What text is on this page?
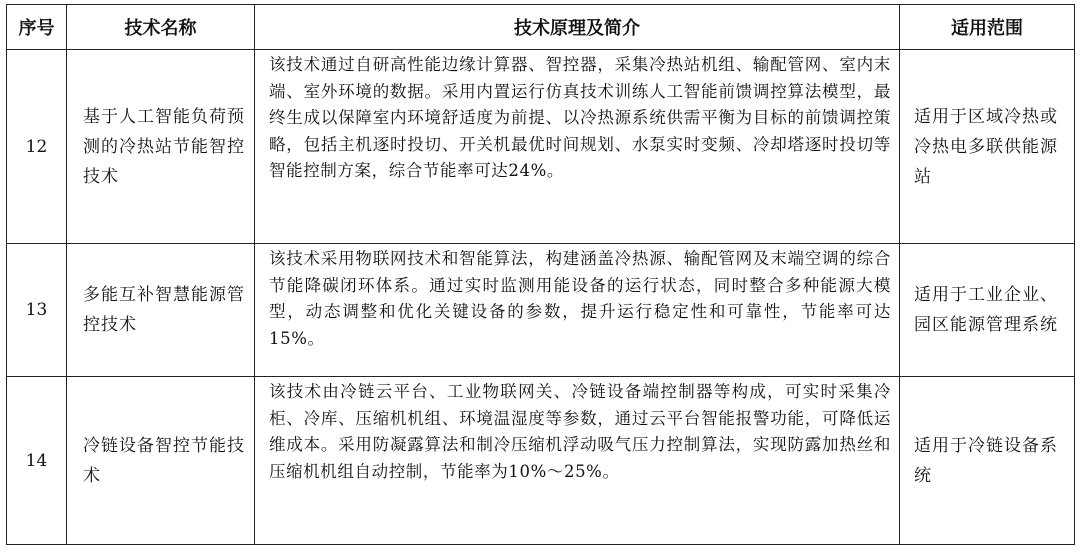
序号	技术名称	技术原理及简介	适用范围
12	基于人工智能负荷预测的冷热站节能智控技术	该技术通过自研高性能边缘计算器、智控器，采集冷热站机组、输配管网、室内末端、室外环境的数据。采用内置运行仿真技术训练人工智能前馈调控算法模型，最终生成以保障室内环境舒适度为前提、以冷热源系统供需平衡为目标的前馈调控策略，包括主机逐时投切、开关机最优时间规划、水泵实时变频、冷却塔逐时投切等智能控制方案，综合节能率可达24%。	适用于区域冷热或冷热电多联供能源站
13	多能互补智慧能源管控技术	该技术采用物联网技术和智能算法，构建涵盖冷热源、输配管网及末端空调的综合节能降碳闭环体系。通过实时监测用能设备的运行状态，同时整合多种能源大模型，动态调整和优化关键设备的参数，提升运行稳定性和可靠性，节能率可达15%。	适用于工业企业、园区能源管理系统
14	冷链设备智控节能技术	该技术由冷链云平台、工业物联网关、冷链设备端控制器等构成，可实时采集冷柜、冷库、压缩机机组、环境温湿度等参数，通过云平台智能报警功能，可降低运维成本。采用防凝露算法和制冷压缩机浮动吸气压力控制算法，实现防露加热丝和压缩机机组自动控制，节能率为10%～25%。	适用于冷链设备系统
